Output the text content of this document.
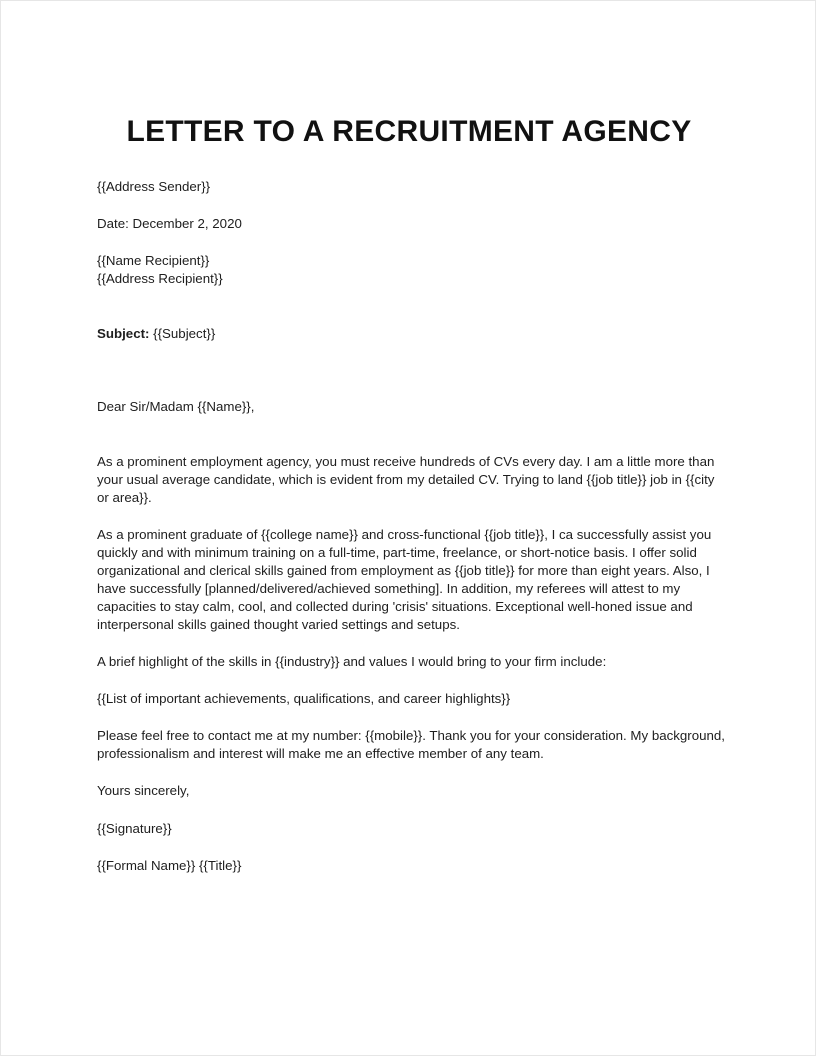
LETTER TO A RECRUITMENT AGENCY

{{Address Sender}}

Date: December 2, 2020

{{Name Recipient}}

{{Address Recipient}}

Subject: {{Subject}}

Dear Sir/Madam {{Name}},

As a prominent employment agency, you must receive hundreds of CVs every day. I am a little more than your usual average candidate, which is evident from my detailed CV. Trying to land {{job title}} job in {{city or area}}.

As a prominent graduate of {{college name}} and cross-functional {{job title}}, I ca successfully assist you quickly and with minimum training on a full-time, part-time, freelance, or short-notice basis. I offer solid organizational and clerical skills gained from employment as {{job title}} for more than eight years. Also, I have successfully [planned/delivered/achieved something]. In addition, my referees will attest to my capacities to stay calm, cool, and collected during 'crisis' situations. Exceptional well-honed issue and interpersonal skills gained thought varied settings and setups.

A brief highlight of the skills in {{industry}} and values I would bring to your firm include:

{{List of important achievements, qualifications, and career highlights}}

Please feel free to contact me at my number: {{mobile}}. Thank you for your consideration. My background, professionalism and interest will make me an effective member of any team.

Yours sincerely,

{{Signature}}

{{Formal Name}} {{Title}}
